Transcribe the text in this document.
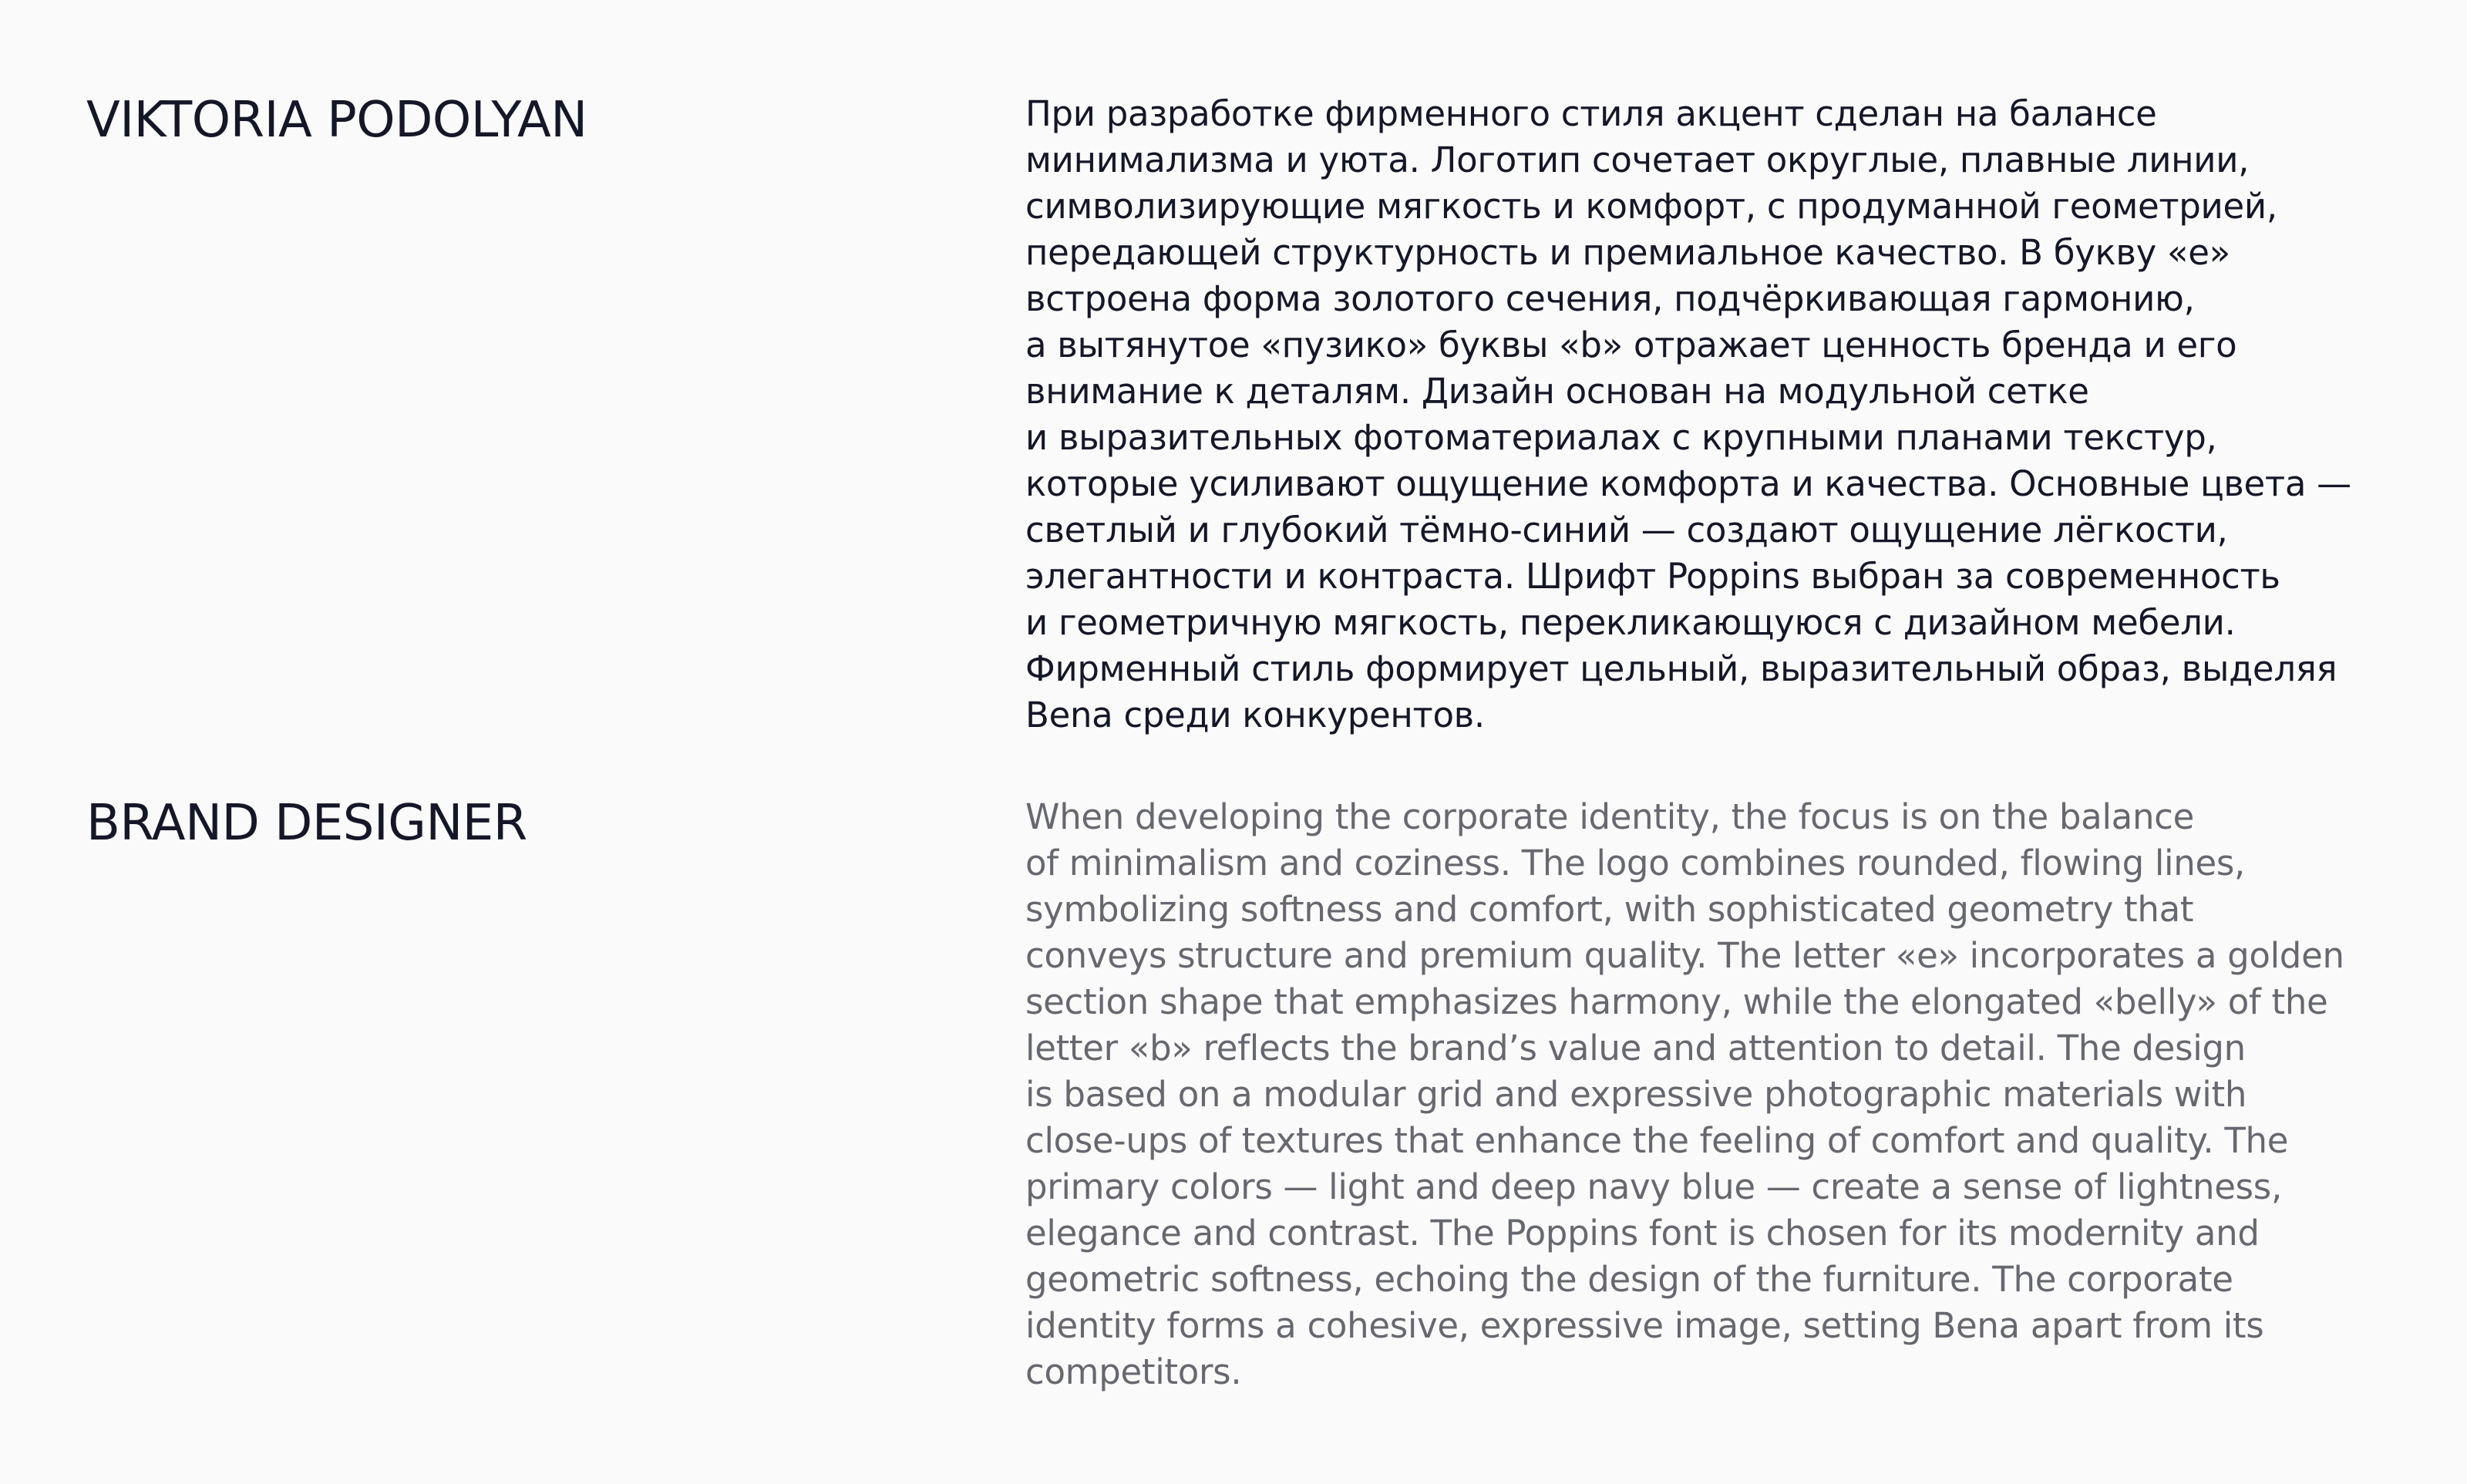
VIKTORIA PODOLYAN
BRAND DESIGNER

При разработке фирменного стиля акцент сделан на балансе
минимализма и уюта. Логотип сочетает округлые, плавные линии,
символизирующие мягкость и комфорт, с продуманной геометрией,
передающей структурность и премиальное качество. В букву «e»
встроена форма золотого сечения, подчёркивающая гармонию,
а вытянутое «пузико» буквы «b» отражает ценность бренда и его
внимание к деталям. Дизайн основан на модульной сетке
и выразительных фотоматериалах с крупными планами текстур,
которые усиливают ощущение комфорта и качества. Основные цвета —
светлый и глубокий тёмно-синий — создают ощущение лёгкости,
элегантности и контраста. Шрифт Poppins выбран за современность
и геометричную мягкость, перекликающуюся с дизайном мебели.
Фирменный стиль формирует цельный, выразительный образ, выделяя
Bena среди конкурентов.

When developing the corporate identity, the focus is on the balance
of minimalism and coziness. The logo combines rounded, flowing lines,
symbolizing softness and comfort, with sophisticated geometry that
conveys structure and premium quality. The letter «e» incorporates a golden
section shape that emphasizes harmony, while the elongated «belly» of the
letter «b» reflects the brand’s value and attention to detail. The design
is based on a modular grid and expressive photographic materials with
close-ups of textures that enhance the feeling of comfort and quality. The
primary colors — light and deep navy blue — create a sense of lightness,
elegance and contrast. The Poppins font is chosen for its modernity and
geometric softness, echoing the design of the furniture. The corporate
identity forms a cohesive, expressive image, setting Bena apart from its
competitors.
